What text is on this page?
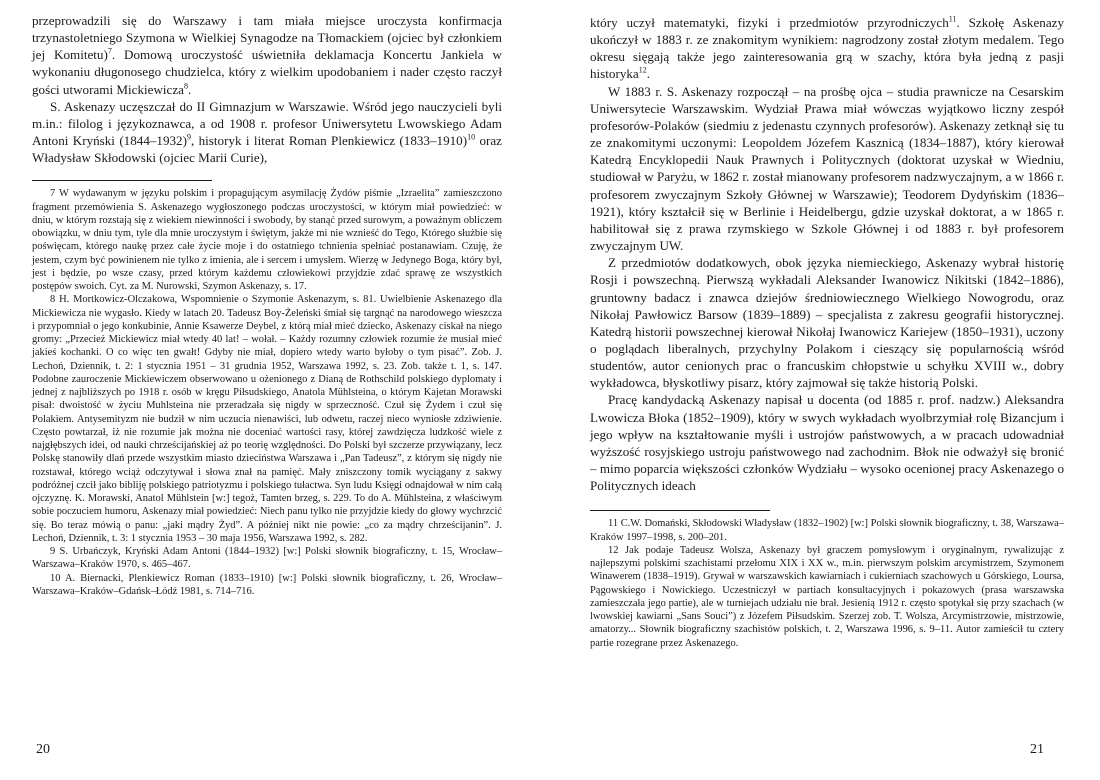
przeprowadzili się do Warszawy i tam miała miejsce uroczysta konfirmacja trzynastoletniego Szymona w Wielkiej Synagodze na Tłomackiem (ojciec był członkiem jej Komitetu)$^7$. Domową uroczystość uświetniła deklamacja Koncertu Jankiela w wykonaniu długonosego chudzielca, który z wielkim upodobaniem i nader często raczył gości utworami Mickiewicza$^8$.

S. Askenazy uczęszczał do II Gimnazjum w Warszawie. Wśród jego nauczycieli byli m.in.: filolog i językoznawca, a od 1908 r. profesor Uniwersytetu Lwowskiego Adam Antoni Kryński (1844–1932)$^9$, historyk i literat Roman Plenkiewicz (1833–1910)$^{10}$ oraz Władysław Skłodowski (ojciec Marii Curie),

7 W wydawanym w języku polskim i propagującym asymilację Żydów piśmie „Izraelita” zamieszczono fragment przemówienia S. Askenazego wygłoszonego podczas uroczystości, w którym miał powiedzieć: w dniu, w którym rozstają się z wiekiem niewinności i swobody, by stanąć przed surowym, a poważnym obliczem obowiązku, w dniu tym, tyle dla mnie uroczystym i świętym, jakże mi nie wznieść do Tego, Którego służbie się poświęcam, którego naukę przez całe życie moje i do ostatniego tchnienia spełniać postanawiam. Czuję, że jestem, czym być powinienem nie tylko z imienia, ale i sercem i umysłem. Wierzę w Jedynego Boga, który był, jest i będzie, po wsze czasy, przed którym każdemu człowiekowi przyjdzie zdać sprawę ze wszystkich postępów swoich. Cyt. za M. Nurowski, Szymon Askenazy, s. 17.

8 H. Mortkowicz-Olczakowa, Wspomnienie o Szymonie Askenazym, s. 81. Uwielbienie Askenazego dla Mickiewicza nie wygasło. Kiedy w latach 20. Tadeusz Boy-Żeleński śmiał się targnąć na narodowego wieszcza i przypomniał o jego konkubinie, Annie Ksawerze Deybel, z którą miał mieć dziecko, Askenazy ciskał na niego gromy: „Przecież Mickiewicz miał wtedy 40 lat! – wołał. – Każdy rozumny człowiek rozumie że musiał mieć jakieś kochanki. O co więc ten gwałt! Gdyby nie miał, dopiero wtedy warto byłoby o tym pisać”. Zob. J. Lechoń, Dziennik, t. 2: 1 stycznia 1951 – 31 grudnia 1952, Warszawa 1992, s. 23. Zob. także t. 1, s. 147. Podobne zauroczenie Mickiewiczem obserwowano u ożenionego z Dianą de Rothschild polskiego dyplomaty i jednej z najbliższych po 1918 r. osób w kręgu Piłsudskiego, Anatola Mühlsteina, o którym Kajetan Morawski pisał: dwoistość w życiu Muhlsteina nie przeradzała się nigdy w sprzeczność. Czuł się Żydem i czuł się Polakiem. Antysemityzm nie budził w nim uczucia nienawiści, lub odwetu, raczej nieco wyniosłe zdziwienie. Często powtarzał, iż nie rozumie jak można nie doceniać wartości rasy, której zawdzięcza ludzkość wiele z najgłębszych idei, od nauki chrześcijańskiej aż po teorię względności. Do Polski był szczerze przywiązany, lecz Polskę stanowiły dlań przede wszystkim miasto dzieciństwa Warszawa i „Pan Tadeusz”, z którym się nigdy nie rozstawał, którego wciąż odczytywał i słowa znał na pamięć. Mały zniszczony tomik wyciągany z sakwy podróżnej czcił jako bibliję polskiego patriotyzmu i polskiego tułactwa. Syn ludu Księgi odnajdował w nim całą ojczyznę. K. Morawski, Anatol Mühlstein [w:] tegoż, Tamten brzeg, s. 229. To do A. Mühlsteina, z właściwym sobie poczuciem humoru, Askenazy miał powiedzieć: Niech panu tylko nie przyjdzie kiedy do głowy wychrzcić się. Bo teraz mówią o panu: „jaki mądry Żyd”. A później nikt nie powie: „co za mądry chrześcijanin”. J. Lechoń, Dziennik, t. 3: 1 stycznia 1953 – 30 maja 1956, Warszawa 1992, s. 282.

9 S. Urbańczyk, Kryński Adam Antoni (1844–1932) [w:] Polski słownik biograficzny, t. 15, Wrocław–Warszawa–Kraków 1970, s. 465–467.

10 A. Biernacki, Plenkiewicz Roman (1833–1910) [w:] Polski słownik biograficzny, t. 26, Wrocław–Warszawa–Kraków–Gdańsk–Łódź 1981, s. 714–716.

20

który uczył matematyki, fizyki i przedmiotów przyrodniczych$^{11}$. Szkołę Askenazy ukończył w 1883 r. ze znakomitym wynikiem: nagrodzony został złotym medalem. Tego okresu sięgają także jego zainteresowania grą w szachy, która była jedną z pasji historyka$^{12}$.

W 1883 r. S. Askenazy rozpoczął – na prośbę ojca – studia prawnicze na Cesarskim Uniwersytecie Warszawskim. Wydział Prawa miał wówczas wyjątkowo liczny zespół profesorów-Polaków (siedmiu z jedenastu czynnych profesorów). Askenazy zetknął się tu ze znakomitymi uczonymi: Leopoldem Józefem Kasznicą (1834–1887), który kierował Katedrą Encyklopedii Nauk Prawnych i Politycznych (doktorat uzyskał w Wiedniu, studiował w Paryżu, w 1862 r. został mianowany profesorem nadzwyczajnym, a w 1866 r. profesorem zwyczajnym Szkoły Głównej w Warszawie); Teodorem Dydyńskim (1836–1921), który kształcił się w Berlinie i Heidelbergu, gdzie uzyskał doktorat, a w 1865 r. habilitował się z prawa rzymskiego w Szkole Głównej i od 1883 r. był profesorem zwyczajnym UW.

Z przedmiotów dodatkowych, obok języka niemieckiego, Askenazy wybrał historię Rosji i powszechną. Pierwszą wykładali Aleksander Iwanowicz Nikitski (1842–1886), gruntowny badacz i znawca dziejów średniowiecznego Wielkiego Nowogrodu, oraz Nikołaj Pawłowicz Barsow (1839–1889) – specjalista z zakresu geografii historycznej. Katedrą historii powszechnej kierował Nikołaj Iwanowicz Kariejew (1850–1931), uczony o poglądach liberalnych, przychylny Polakom i cieszący się popularnością wśród studentów, autor cenionych prac o francuskim chłopstwie u schyłku XVIII w., dobry wykładowca, błyskotliwy pisarz, który zajmował się także historią Polski.

Pracę kandydacką Askenazy napisał u docenta (od 1885 r. prof. nadzw.) Aleksandra Lwowicza Błoka (1852–1909), który w swych wykładach wyolbrzymiał rolę Bizancjum i jego wpływ na kształtowanie myśli i ustrojów państwowych, a w pracach udowadniał wyższość rosyjskiego ustroju państwowego nad zachodnim. Błok nie odważył się bronić – mimo poparcia większości członków Wydziału – wysoko ocenionej pracy Askenazego o Politycznych ideach

11 C.W. Domański, Skłodowski Władysław (1832–1902) [w:] Polski słownik biograficzny, t. 38, Warszawa–Kraków 1997–1998, s. 200–201.

12 Jak podaje Tadeusz Wolsza, Askenazy był graczem pomysłowym i oryginalnym, rywalizując z najlepszymi polskimi szachistami przełomu XIX i XX w., m.in. pierwszym polskim arcymistrzem, Szymonem Winawerem (1838–1919). Grywał w warszawskich kawiarniach i cukierniach szachowych u Górskiego, Loursa, Pągowskiego i Nowickiego. Uczestniczył w partiach konsultacyjnych i pokazowych (prasa warszawska zamieszczała jego partie), ale w turniejach udziału nie brał. Jesienią 1912 r. często spotykał się przy szachach (w lwowskiej kawiarni „Sans Souci”) z Józefem Piłsudskim. Szerzej zob. T. Wolsza, Arcymistrzowie, mistrzowie, amatorzy... Słownik biograficzny szachistów polskich, t. 2, Warszawa 1996, s. 9–11. Autor zamieścił tu cztery partie rozegrane przez Askenazego.

21
